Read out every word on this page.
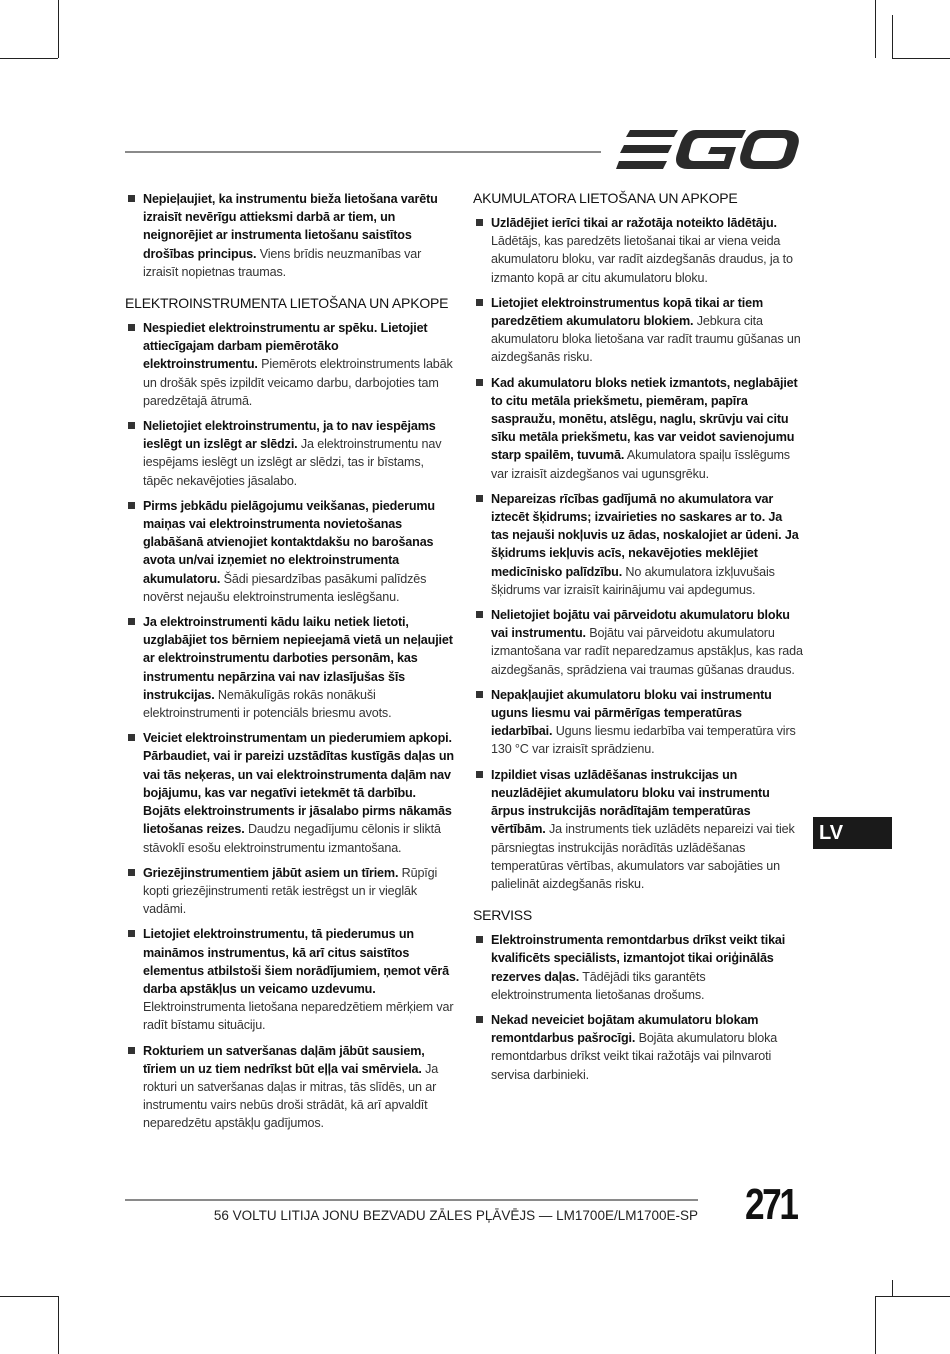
Nepieļaujiet, ka instrumentu bieža lietošana varētu izraisīt nevērīgu attieksmi darbā ar tiem, un neignorējiet ar instrumenta lietošanu saistītos drošības principus. Viens brīdis neuzmanības var izraisīt nopietnas traumas.
ELEKTROINSTRUMENTA LIETOŠANA UN APKOPE
Nespiediet elektroinstrumentu ar spēku. Lietojiet attiecīgajam darbam piemērotāko elektroinstrumentu. Piemērots elektroinstruments labāk un drošāk spēs izpildīt veicamo darbu, darbojoties tam paredzētajā ātrumā.
Nelietojiet elektroinstrumentu, ja to nav iespējams ieslēgt un izslēgt ar slēdzi. Ja elektroinstrumentu nav iespējams ieslēgt un izslēgt ar slēdzi, tas ir bīstams, tāpēc nekavējoties jāsalabo.
Pirms jebkādu pielāgojumu veikšanas, piederumu maiņas vai elektroinstrumenta novietošanas glabāšanā atvienojiet kontaktdakšu no barošanas avota un/vai izņemiet no elektroinstrumenta akumulatoru. Šādi piesardzības pasākumi palīdzēs novērst nejaušu elektroinstrumenta ieslēgšanu.
Ja elektroinstrumenti kādu laiku netiek lietoti, uzglabājiet tos bērniem nepieejamā vietā un neļaujiet ar elektroinstrumentu darboties personām, kas instrumentu nepārzina vai nav izlasījušas šīs instrukcijas. Nemākulīgās rokās nonākuši elektroinstrumenti ir potenciāls briesmu avots.
Veiciet elektroinstrumentam un piederumiem apkopi. Pārbaudiet, vai ir pareizi uzstādītas kustīgās daļas un vai tās neķeras, un vai elektroinstrumenta daļām nav bojājumu, kas var negatīvi ietekmēt tā darbību. Bojāts elektroinstruments ir jāsalabo pirms nākamās lietošanas reizes. Daudzu negadījumu cēlonis ir sliktā stāvoklī esošu elektroinstrumentu izmantošana.
Griezējinstrumentiem jābūt asiem un tīriem. Rūpīgi kopti griezējinstrumenti retāk iestrēgst un ir vieglāk vadāmi.
Lietojiet elektroinstrumentu, tā piederumus un maināmos instrumentus, kā arī citus saistītos elementus atbilstoši šiem norādījumiem, ņemot vērā darba apstākļus un veicamo uzdevumu. Elektroinstrumenta lietošana neparedzētiem mērķiem var radīt bīstamu situāciju.
Rokturiem un satveršanas daļām jābūt sausiem, tīriem un uz tiem nedrīkst būt eļļa vai smērviela. Ja rokturi un satveršanas daļas ir mitras, tās slīdēs, un ar instrumentu vairs nebūs droši strādāt, kā arī apvaldīt neparedzētu apstākļu gadījumos.
AKUMULATORA LIETOŠANA UN APKOPE
Uzlādējiet ierīci tikai ar ražotāja noteikto lādētāju. Lādētājs, kas paredzēts lietošanai tikai ar viena veida akumulatoru bloku, var radīt aizdegšanās draudus, ja to izmanto kopā ar citu akumulatoru bloku.
Lietojiet elektroinstrumentus kopā tikai ar tiem paredzētiem akumulatoru blokiem. Jebkura cita akumulatoru bloka lietošana var radīt traumu gūšanas un aizdegšanās risku.
Kad akumulatoru bloks netiek izmantots, neglabājiet to citu metāla priekšmetu, piemēram, papīra saspraužu, monētu, atslēgu, naglu, skrūvju vai citu sīku metāla priekšmetu, kas var veidot savienojumu starp spailēm, tuvumā. Akumulatora spaiļu īsslēgums var izraisīt aizdegšanos vai ugunsgrēku.
Nepareizas rīcības gadījumā no akumulatora var iztecēt šķidrums; izvairieties no saskares ar to. Ja tas nejauši nokļuvis uz ādas, noskalojiet ar ūdeni. Ja šķidrums iekļuvis acīs, nekavējoties meklējiet medicīnisko palīdzību. No akumulatora izkļuvušais šķidrums var izraisīt kairinājumu vai apdegumus.
Nelietojiet bojātu vai pārveidotu akumulatoru bloku vai instrumentu. Bojātu vai pārveidotu akumulatoru izmantošana var radīt neparedzamus apstākļus, kas rada aizdegšanās, sprādziena vai traumas gūšanas draudus.
Nepakļaujiet akumulatoru bloku vai instrumentu uguns liesmu vai pārmērīgas temperatūras iedarbībai. Uguns liesmu iedarbība vai temperatūra virs 130 °C var izraisīt sprādzienu.
Izpildiet visas uzlādēšanas instrukcijas un neuzlādējiet akumulatoru bloku vai instrumentu ārpus instrukcijās norādītajām temperatūras vērtībām. Ja instruments tiek uzlādēts nepareizi vai tiek pārsniegtas instrukcijās norādītās uzlādēšanas temperatūras vērtības, akumulators var sabojāties un palielināt aizdegšanās risku.
SERVISS
Elektroinstrumenta remontdarbus drīkst veikt tikai kvalificēts speciālists, izmantojot tikai oriģinālās rezerves daļas. Tādējādi tiks garantēts elektroinstrumenta lietošanas drošums.
Nekad neveiciet bojātam akumulatoru blokam remontdarbus pašrocīgi. Bojāta akumulatoru bloka remontdarbus drīkst veikt tikai ražotājs vai pilnvaroti servisa darbinieki.
LV
56 VOLTU LITIJA JONU BEZVADU ZĀLES PĻĀVĒJS — LM1700E/LM1700E-SP 271
